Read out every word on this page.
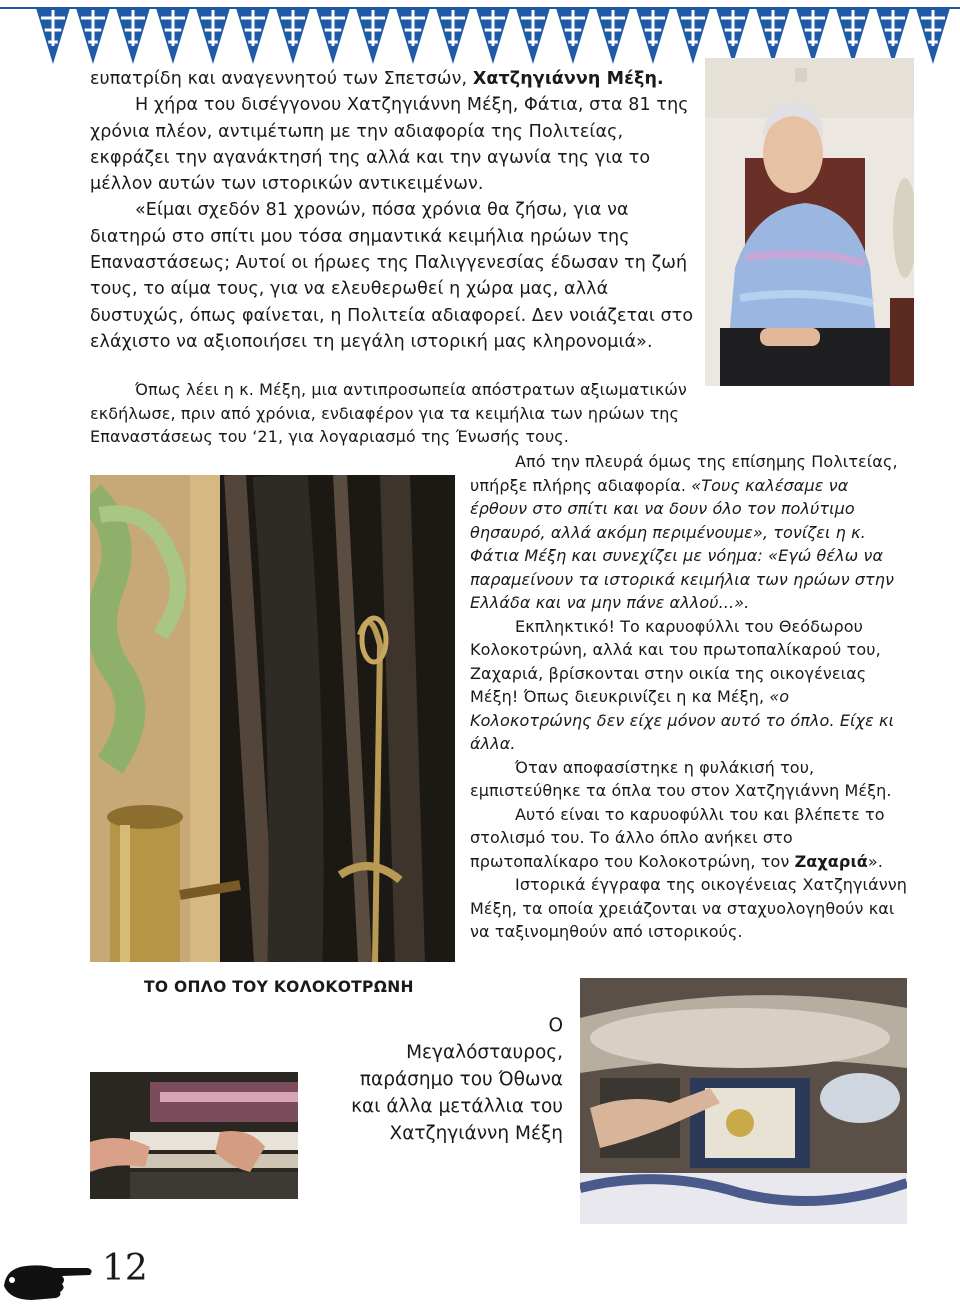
ευπατρίδη και αναγεννητού των Σπετσών, Χατζηγιάννη Μέξη.

Η χήρα του δισέγγονου Χατζηγιάννη Μέξη, Φάτια, στα 81 της χρόνια πλέον, αντιμέτωπη με την αδιαφορία της Πολιτείας, εκφράζει την αγανάκτησή της αλλά και την αγωνία της για το μέλλον αυτών των ιστορικών αντικειμένων.

«Είμαι σχεδόν 81 χρονών, πόσα χρόνια θα ζήσω, για να διατηρώ στο σπίτι μου τόσα σημαντικά κειμήλια ηρώων της Επαναστάσεως; Αυτοί οι ήρωες της Παλιγγενεσίας έδωσαν τη ζωή τους, το αίμα τους, για να ελευθερωθεί η χώρα μας, αλλά δυστυχώς, όπως φαίνεται, η Πολιτεία αδιαφορεί. Δεν νοιάζεται στο ελάχιστο να αξιοποιήσει τη μεγάλη ιστορική μας κληρονομιά».

Όπως λέει η κ. Μέξη, μια αντιπροσωπεία απόστρατων αξιωματικών εκδήλωσε, πριν από χρόνια, ενδιαφέρον για τα κειμήλια των ηρώων της Επαναστάσεως του ‘21, για λογαριασμό της Ένωσής τους.

Από την πλευρά όμως της επίσημης Πολιτείας, υπήρξε πλήρης αδιαφορία. «Τους καλέσαμε να έρθουν στο σπίτι και να δουν όλο τον πολύτιμο θησαυρό, αλλά ακόμη περιμένουμε», τονίζει η κ. Φάτια Μέξη και συνεχίζει με νόημα: «Εγώ θέλω να παραμείνουν τα ιστορικά κειμήλια των ηρώων στην Ελλάδα και να μην πάνε αλλού...».

Εκπληκτικό! Το καρυοφύλλι του Θεόδωρου Κολοκοτρώνη, αλλά και του πρωτοπαλίκαρού του, Ζαχαριά, βρίσκονται στην οικία της οικογένειας Μέξη! Όπως διευκρινίζει η κα Μέξη, «ο Κολοκοτρώνης δεν είχε μόνον αυτό το όπλο. Είχε κι άλλα.

Όταν αποφασίστηκε η φυλάκισή του, εμπιστεύθηκε τα όπλα του στον Χατζηγιάννη Μέξη.

Αυτό είναι το καρυοφύλλι του και βλέπετε το στολισμό του. Το άλλο όπλο ανήκει στο πρωτοπαλίκαρο του Κολοκοτρώνη, τον Ζαχαριά».

Ιστορικά έγγραφα της οικογένειας Χατζηγιάννη Μέξη, τα οποία χρειάζονται να σταχυολογηθούν και να ταξινομηθούν από ιστορικούς.

ΤΟ ΟΠΛΟ ΤΟΥ ΚΟΛΟΚΟΤΡΩΝΗ
Ο
Μεγαλόσταυρος,
παράσημο του Όθωνα
και άλλα μετάλλια του
Χατζηγιάννη Μέξη
12
